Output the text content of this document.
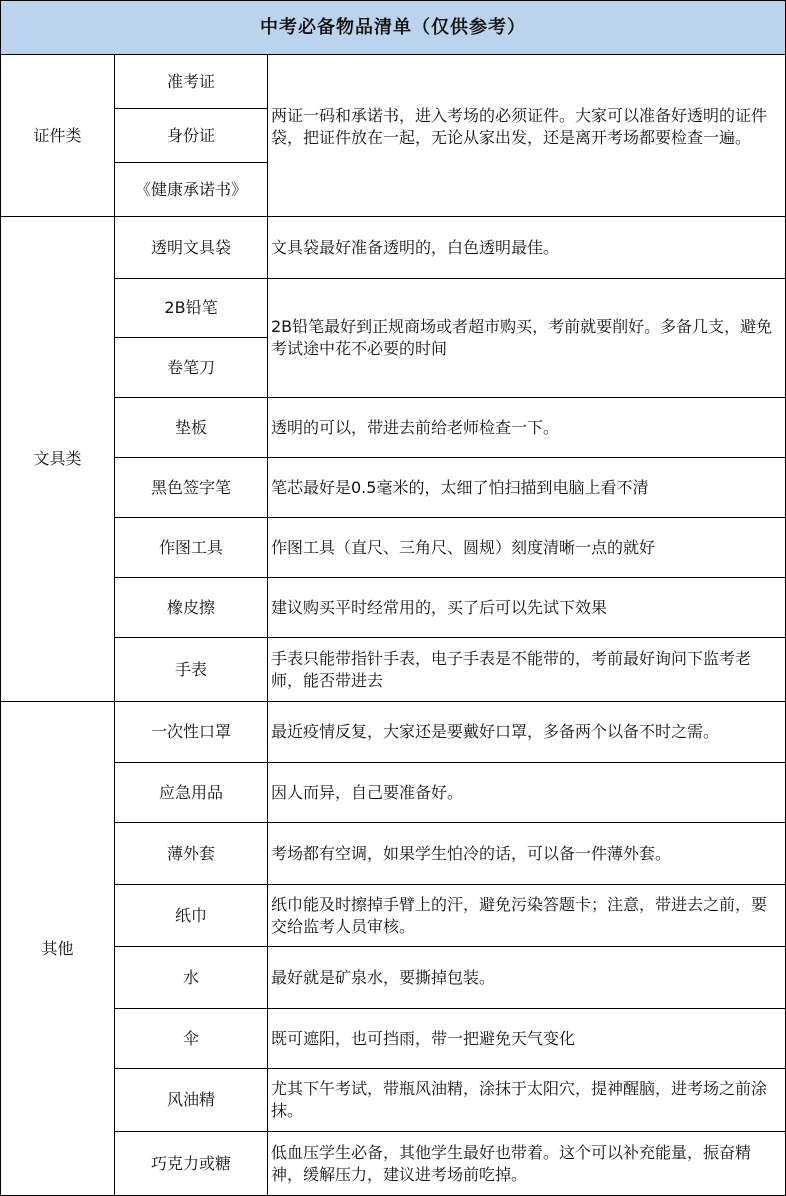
中考必备物品清单（仅供参考）		
证件类	准考证	两证一码和承诺书，进入考场的必须证件。大家可以准备好透明的证件袋，把证件放在一起，无论从家出发，还是离开考场都要检查一遍。
	身份证	
	《健康承诺书》	
文具类	透明文具袋	文具袋最好准备透明的，白色透明最佳。
	2B铅笔	2B铅笔最好到正规商场或者超市购买，考前就要削好。多备几支，避免考试途中花不必要的时间
	卷笔刀	
	垫板	透明的可以，带进去前给老师检查一下。
	黑色签字笔	笔芯最好是0.5毫米的，太细了怕扫描到电脑上看不清
	作图工具	作图工具（直尺、三角尺、圆规）刻度清晰一点的就好
	橡皮擦	建议购买平时经常用的，买了后可以先试下效果
	手表	手表只能带指针手表，电子手表是不能带的，考前最好询问下监考老师，能否带进去
其他	一次性口罩	最近疫情反复，大家还是要戴好口罩，多备两个以备不时之需。
	应急用品	因人而异，自己要准备好。
	薄外套	考场都有空调，如果学生怕冷的话，可以备一件薄外套。
	纸巾	纸巾能及时擦掉手臂上的汗，避免污染答题卡；注意，带进去之前，要交给监考人员审核。
	水	最好就是矿泉水，要撕掉包装。
	伞	既可遮阳，也可挡雨，带一把避免天气变化
	风油精	尤其下午考试，带瓶风油精，涂抹于太阳穴，提神醒脑，进考场之前涂抹。
	巧克力或糖	低血压学生必备，其他学生最好也带着。这个可以补充能量，振奋精神，缓解压力，建议进考场前吃掉。
